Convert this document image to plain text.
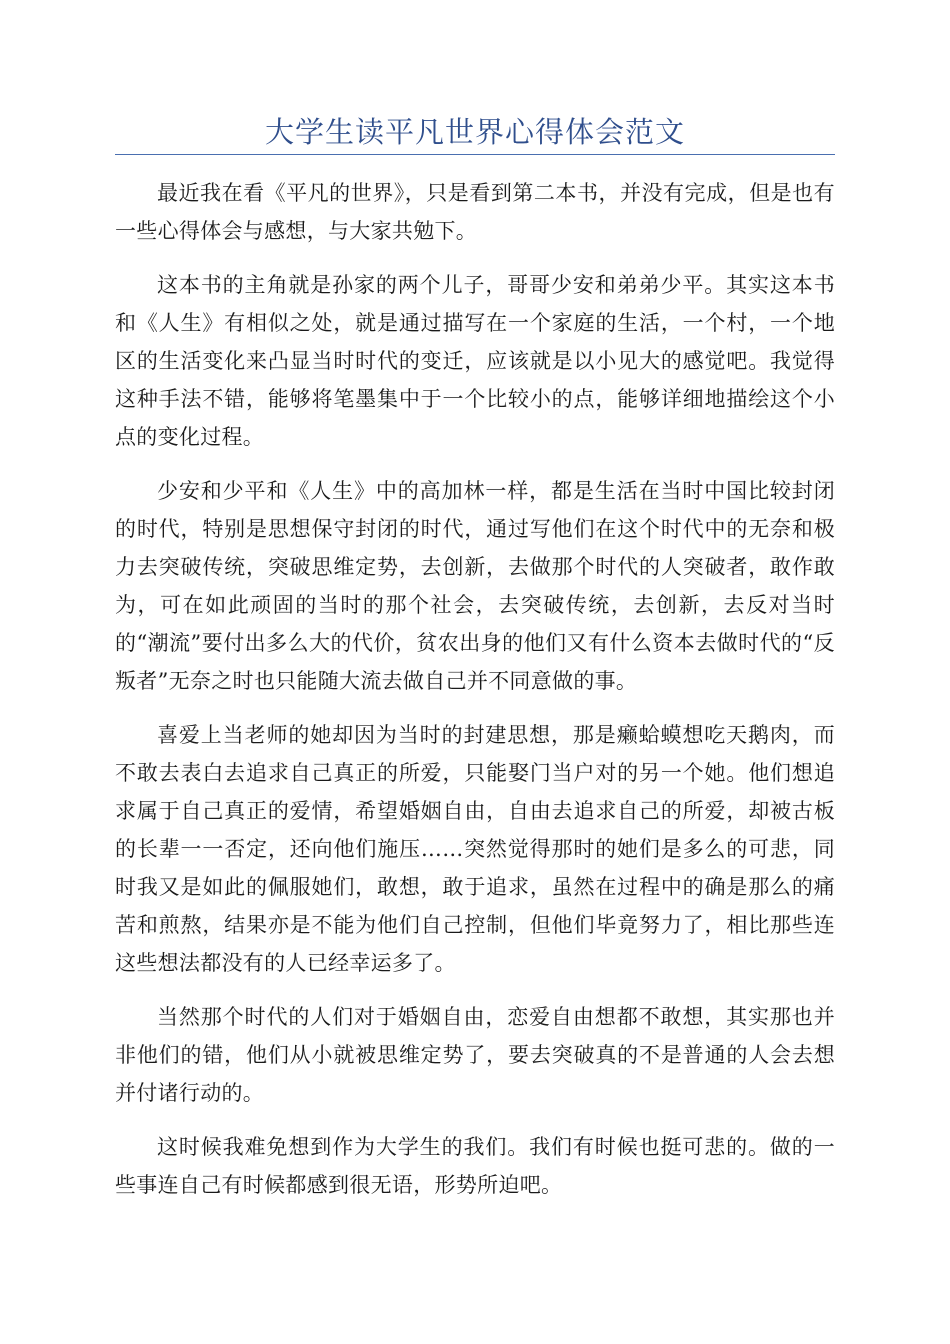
大学生读平凡世界心得体会范文

最近我在看《平凡的世界》，只是看到第二本书，并没有完成，但是也有一些心得体会与感想，与大家共勉下。

这本书的主角就是孙家的两个儿子，哥哥少安和弟弟少平。其实这本书和《人生》有相似之处，就是通过描写在一个家庭的生活，一个村，一个地区的生活变化来凸显当时时代的变迁，应该就是以小见大的感觉吧。我觉得这种手法不错，能够将笔墨集中于一个比较小的点，能够详细地描绘这个小点的变化过程。

少安和少平和《人生》中的高加林一样，都是生活在当时中国比较封闭的时代，特别是思想保守封闭的时代，通过写他们在这个时代中的无奈和极力去突破传统，突破思维定势，去创新，去做那个时代的人突破者，敢作敢为，可在如此顽固的当时的那个社会，去突破传统，去创新，去反对当时的“潮流”要付出多么大的代价，贫农出身的他们又有什么资本去做时代的“反叛者”无奈之时也只能随大流去做自己并不同意做的事。

喜爱上当老师的她却因为当时的封建思想，那是癞蛤蟆想吃天鹅肉，而不敢去表白去追求自己真正的所爱，只能娶门当户对的另一个她。他们想追求属于自己真正的爱情，希望婚姻自由，自由去追求自己的所爱，却被古板的长辈一一否定，还向他们施压……突然觉得那时的她们是多么的可悲，同时我又是如此的佩服她们，敢想，敢于追求，虽然在过程中的确是那么的痛苦和煎熬，结果亦是不能为他们自己控制，但他们毕竟努力了，相比那些连这些想法都没有的人已经幸运多了。

当然那个时代的人们对于婚姻自由，恋爱自由想都不敢想，其实那也并非他们的错，他们从小就被思维定势了，要去突破真的不是普通的人会去想并付诸行动的。

这时候我难免想到作为大学生的我们。我们有时候也挺可悲的。做的一些事连自己有时候都感到很无语，形势所迫吧。
